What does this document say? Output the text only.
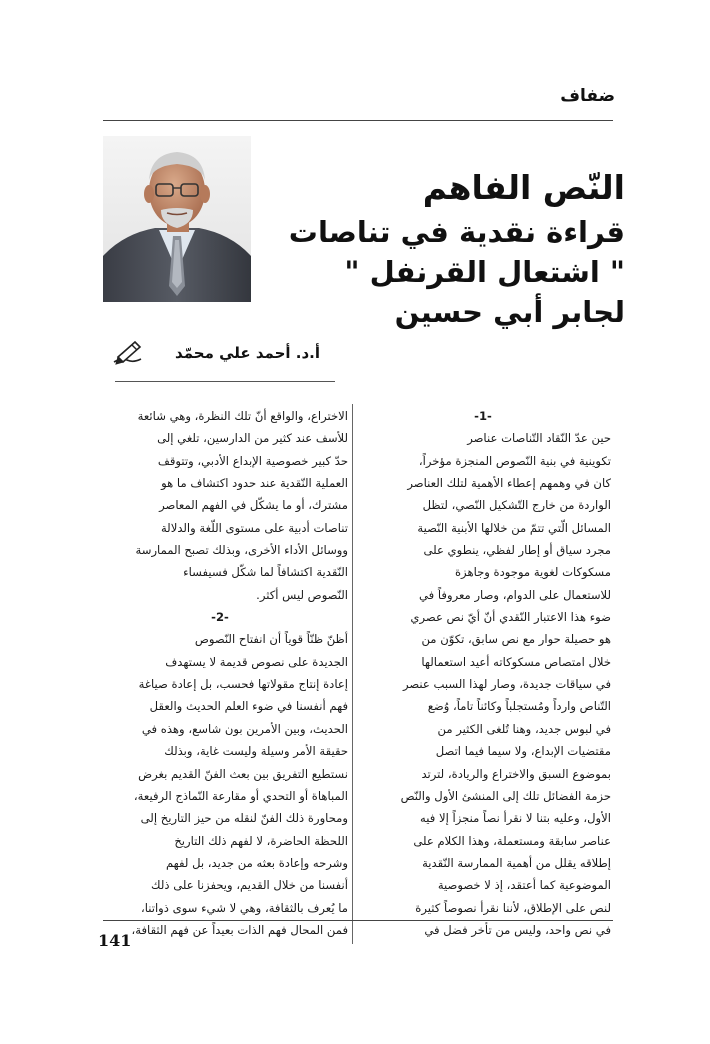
ضفاف
النّص الفاهم
قراءة نقدية في تناصات
" اشتعال القرنفل "
لجابر أبي حسين
أ.د. أحمد علي محمّد
-1-
حين عدّ النّقاد التّناصات عناصر
تكوينية في بنية النّصوص المنجزة مؤخراً،
كان في وهمهم إعطاء الأهمية لتلك العناصر
الواردة من خارج التّشكيل النّصي، لتظل
المسائل الّتي تتمّ من خلالها الأبنية النّصية
مجرد سياق أو إطار لفظي، ينطوي على
مسكوكات لغوية موجودة وجاهزة
للاستعمال على الدوام، وصار معروفاً في
ضوء هذا الاعتبار النّقدي أنّ أيّ نص عصري
هو حصيلة حوار مع نص سابق، تكوّن من
خلال امتصاص مسكوكاته أعيد استعمالها
في سياقات جديدة، وصار لهذا السبب عنصر
التّناص وارداً ومُستجلباً وكائناً تاماً، وُضع
في لبوس جديد، وهنا تُلغى الكثير من
مقتضيات الإبداع، ولا سيما فيما اتصل
بموضوع السبق والاختراع والريادة، لترتد
حزمة الفضائل تلك إلى المنشئ الأول والنّص
الأول، وعليه بتنا لا نقرأ نصاً منجزاً إلا فيه
عناصر سابقة ومستعملة، وهذا الكلام على
إطلاقه يقلل من أهمية الممارسة النّقدية
الموضوعية كما أعتقد، إذ لا خصوصية
لنص على الإطلاق، لأننا نقرأ نصوصاً كثيرة
في نص واحد، وليس من تأخر فضل في
الاختراع، والواقع أنّ تلك النظرة، وهي شائعة
للأسف عند كثير من الدارسين، تلغي إلى
حدّ كبير خصوصية الإبداع الأدبي، وتتوقف
العملية النّقدية عند حدود اكتشاف ما هو
مشترك، أو ما يشكّل في الفهم المعاصر
تناصات أدبية على مستوى اللّغة والدلالة
ووسائل الأداء الأخرى، وبذلك تصبح الممارسة
النّقدية اكتشافاً لما شكّل فسيفساء
النّصوص ليس أكثر.
-2-
أظنّ ظنّاً قوياً أن انفتاح النّصوص
الجديدة على نصوص قديمة لا يستهدف
إعادة إنتاج مقولاتها فحسب، بل إعادة صياغة
فهم أنفسنا في ضوء العلم الحديث والعقل
الحديث، وبين الأمرين بون شاسع، وهذه في
حقيقة الأمر وسيلة وليست غاية، وبذلك
نستطيع التفريق بين بعث الفنّ القديم بغرض
المباهاة أو التحدي أو مقارعة النّماذج الرفيعة،
ومحاورة ذلك الفنّ لنقله من حيز التاريخ إلى
اللحظة الحاضرة، لا لفهم ذلك التاريخ
وشرحه وإعادة بعثه من جديد، بل لفهم
أنفسنا من خلال القديم، ويحفزنا على ذلك
ما يُعرف بالثقافة، وهي لا شيء سوى ذواتنا،
فمن المحال فهم الذات بعيداً عن فهم الثقافة،
141
